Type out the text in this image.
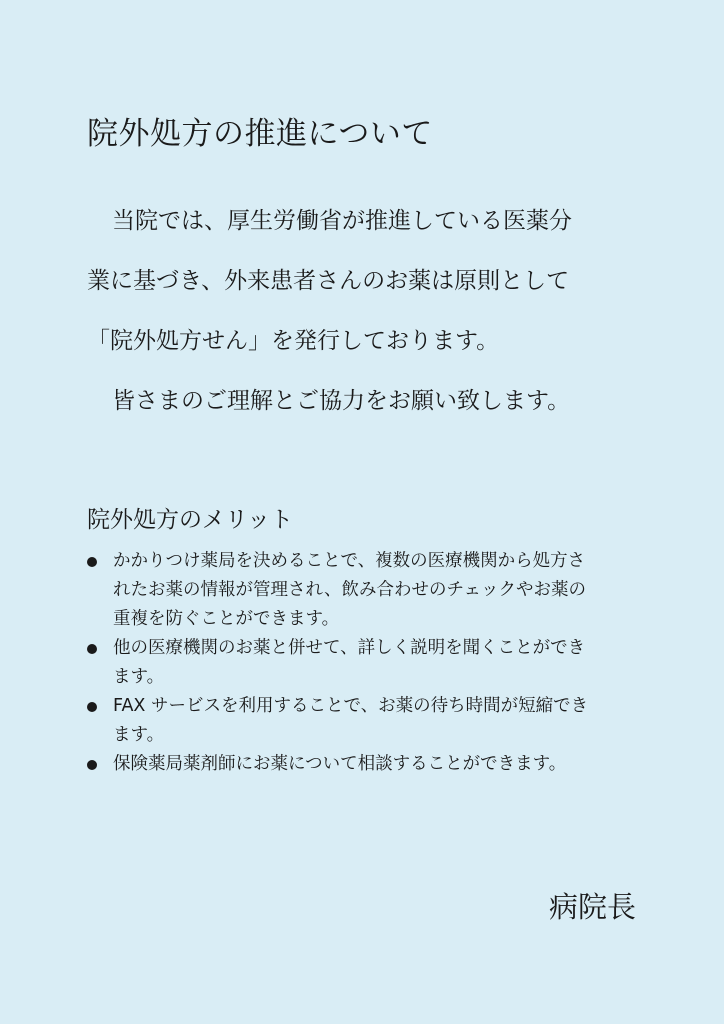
院外処方の推進について
当院では、厚生労働省が推進している医薬分
業に基づき、外来患者さんのお薬は原則として
「院外処方せん」を発行しております。
皆さまのご理解とご協力をお願い致します。
院外処方のメリット
かかりつけ薬局を決めることで、複数の医療機関から処方さ
れたお薬の情報が管理され、飲み合わせのチェックやお薬の
重複を防ぐことができます。
他の医療機関のお薬と併せて、詳しく説明を聞くことができ
ます。
FAX サービスを利用することで、お薬の待ち時間が短縮でき
ます。
保険薬局薬剤師にお薬について相談することができます。
病院長
